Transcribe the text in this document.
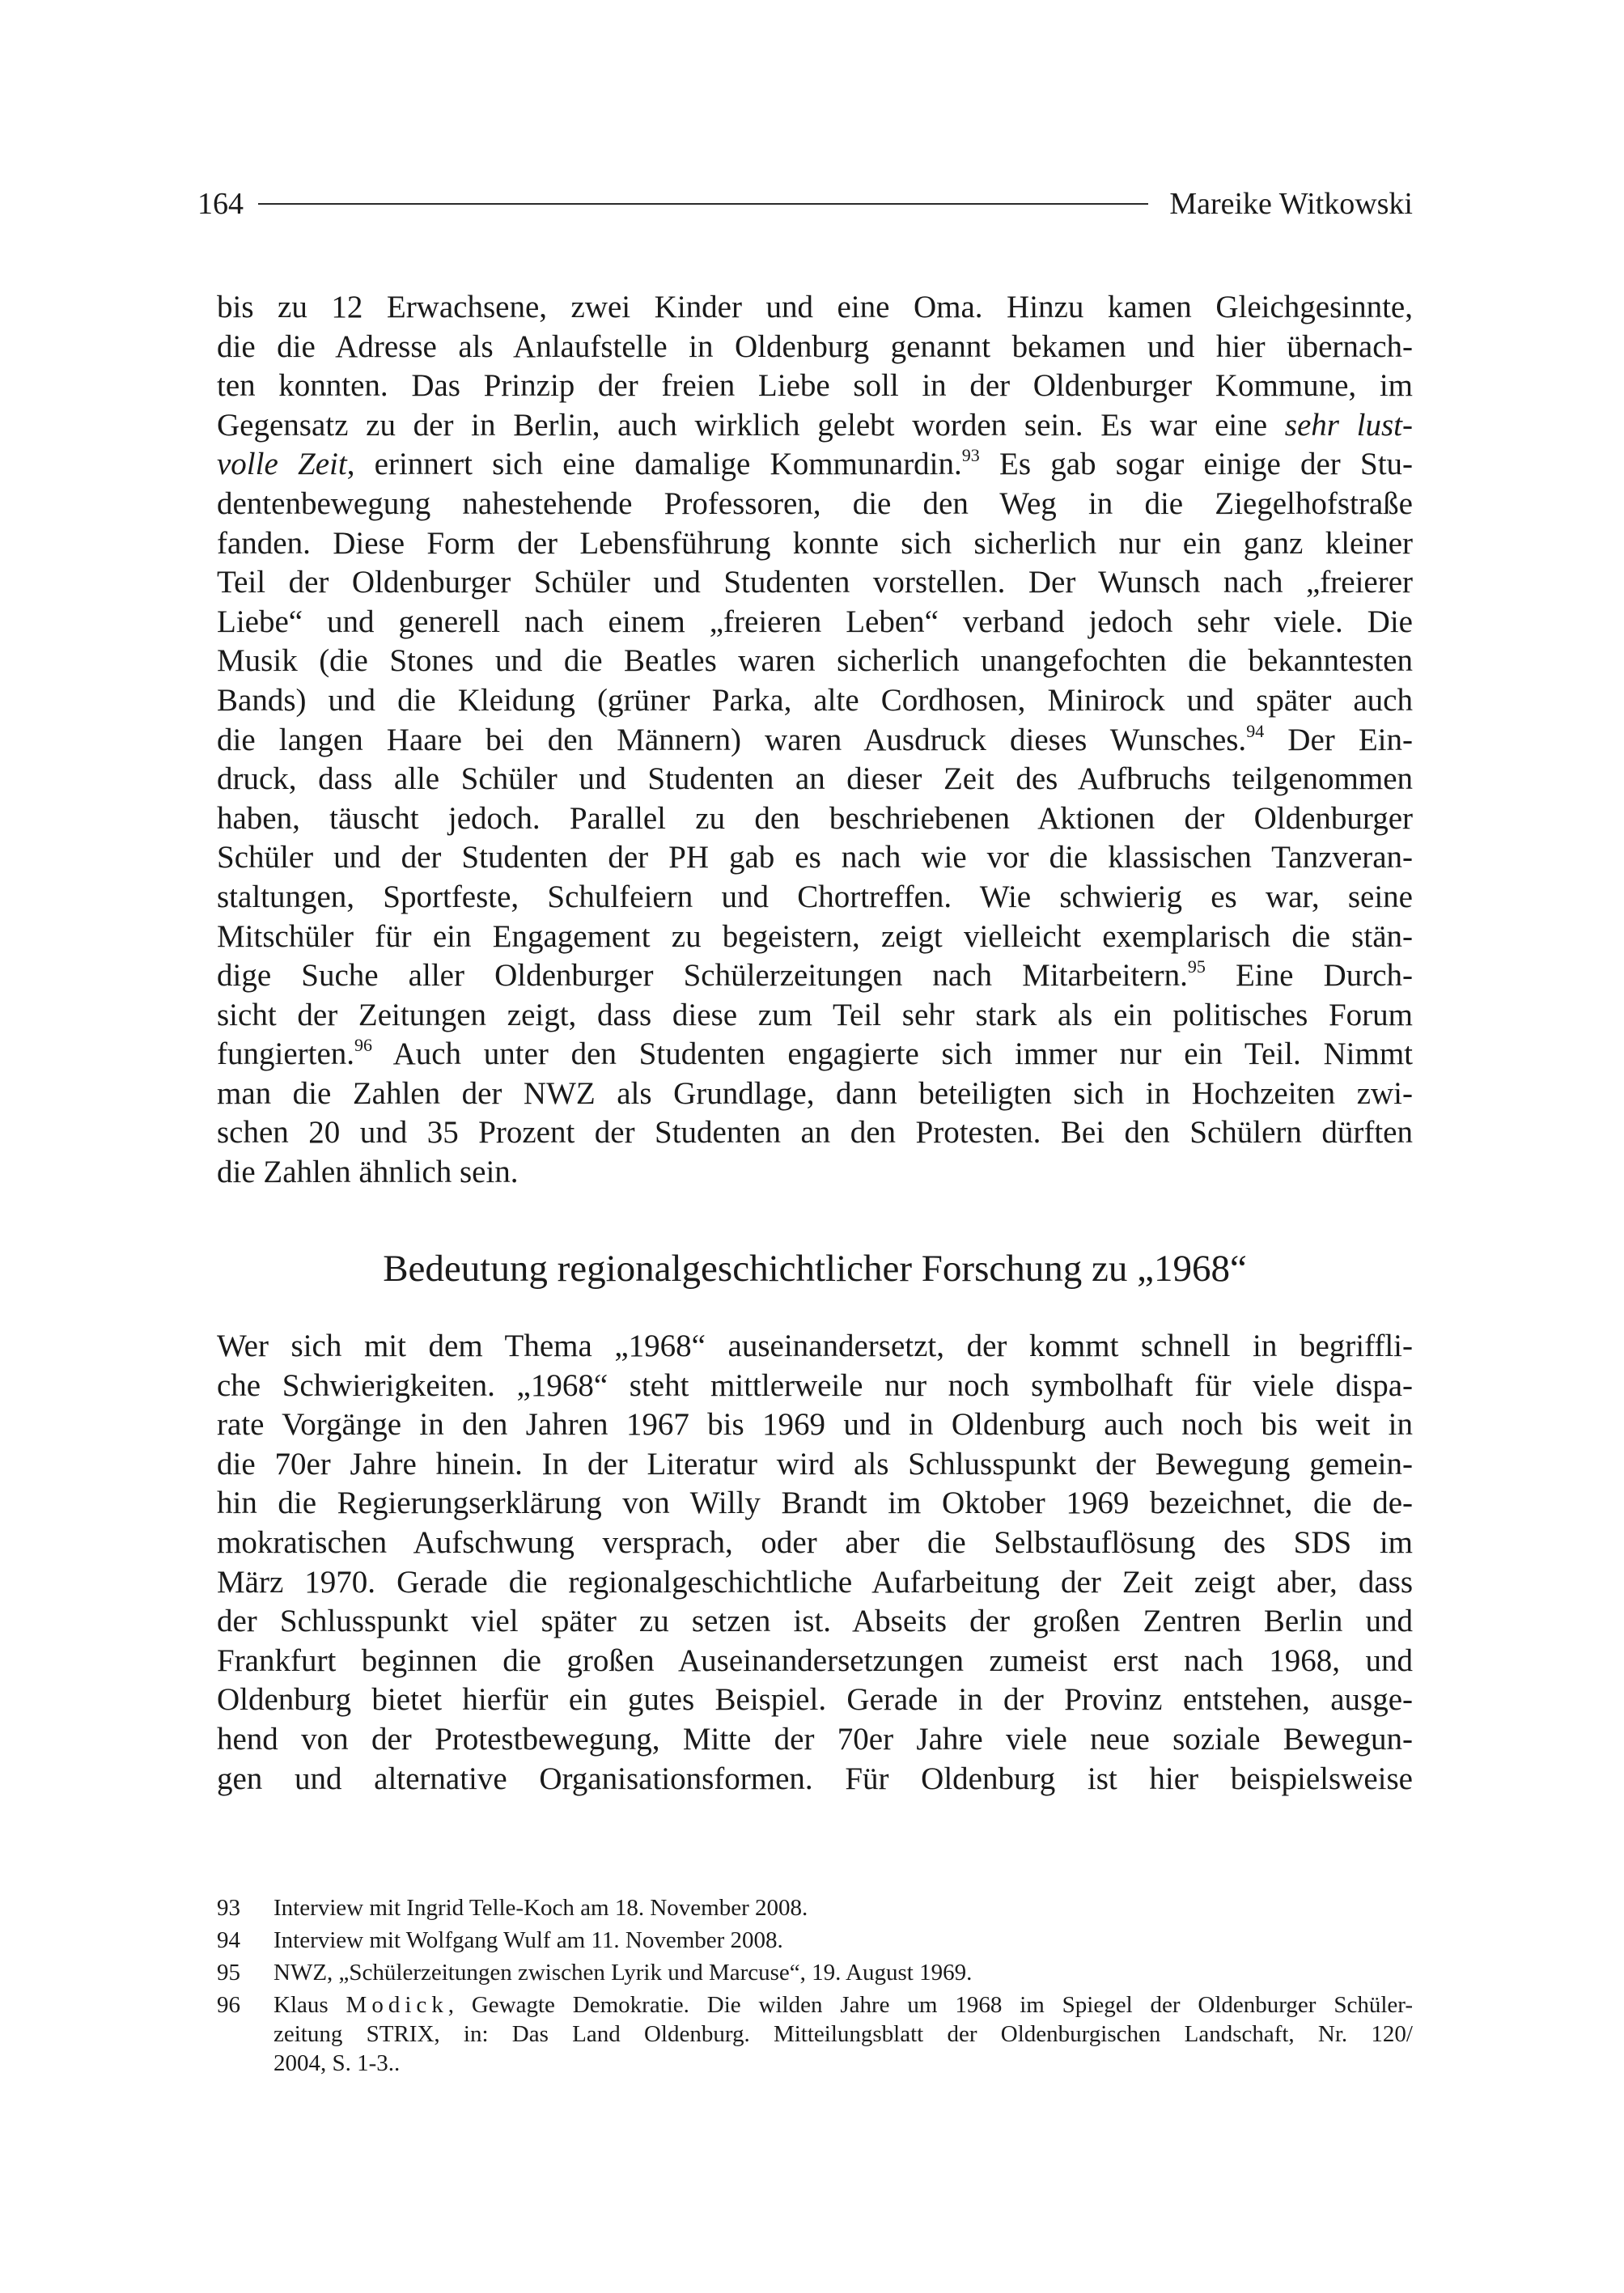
164	Mareike Witkowski
bis zu 12 Erwachsene, zwei Kinder und eine Oma. Hinzu kamen Gleichgesinnte,
die die Adresse als Anlaufstelle in Oldenburg genannt bekamen und hier übernach-
ten konnten. Das Prinzip der freien Liebe soll in der Oldenburger Kommune, im
Gegensatz zu der in Berlin, auch wirklich gelebt worden sein. Es war eine sehr lust-
volle Zeit, erinnert sich eine damalige Kommunardin.$^{93}$ Es gab sogar einige der Stu-
dentenbewegung nahestehende Professoren, die den Weg in die Ziegelhofstraße
fanden. Diese Form der Lebensführung konnte sich sicherlich nur ein ganz kleiner
Teil der Oldenburger Schüler und Studenten vorstellen. Der Wunsch nach „freierer
Liebe“ und generell nach einem „freieren Leben“ verband jedoch sehr viele. Die
Musik (die Stones und die Beatles waren sicherlich unangefochten die bekanntesten
Bands) und die Kleidung (grüner Parka, alte Cordhosen, Minirock und später auch
die langen Haare bei den Männern) waren Ausdruck dieses Wunsches.$^{94}$ Der Ein-
druck, dass alle Schüler und Studenten an dieser Zeit des Aufbruchs teilgenommen
haben, täuscht jedoch. Parallel zu den beschriebenen Aktionen der Oldenburger
Schüler und der Studenten der PH gab es nach wie vor die klassischen Tanzveran-
staltungen, Sportfeste, Schulfeiern und Chortreffen. Wie schwierig es war, seine
Mitschüler für ein Engagement zu begeistern, zeigt vielleicht exemplarisch die stän-
dige Suche aller Oldenburger Schülerzeitungen nach Mitarbeitern.$^{95}$ Eine Durch-
sicht der Zeitungen zeigt, dass diese zum Teil sehr stark als ein politisches Forum
fungierten.$^{96}$ Auch unter den Studenten engagierte sich immer nur ein Teil. Nimmt
man die Zahlen der NWZ als Grundlage, dann beteiligten sich in Hochzeiten zwi-
schen 20 und 35 Prozent der Studenten an den Protesten. Bei den Schülern dürften
die Zahlen ähnlich sein.
Bedeutung regionalgeschichtlicher Forschung zu „1968“
Wer sich mit dem Thema „1968“ auseinandersetzt, der kommt schnell in begriffli-
che Schwierigkeiten. „1968“ steht mittlerweile nur noch symbolhaft für viele dispa-
rate Vorgänge in den Jahren 1967 bis 1969 und in Oldenburg auch noch bis weit in
die 70er Jahre hinein. In der Literatur wird als Schlusspunkt der Bewegung gemein-
hin die Regierungserklärung von Willy Brandt im Oktober 1969 bezeichnet, die de-
mokratischen Aufschwung versprach, oder aber die Selbstauflösung des SDS im
März 1970. Gerade die regionalgeschichtliche Aufarbeitung der Zeit zeigt aber, dass
der Schlusspunkt viel später zu setzen ist. Abseits der großen Zentren Berlin und
Frankfurt beginnen die großen Auseinandersetzungen zumeist erst nach 1968, und
Oldenburg bietet hierfür ein gutes Beispiel. Gerade in der Provinz entstehen, ausge-
hend von der Protestbewegung, Mitte der 70er Jahre viele neue soziale Bewegun-
gen und alternative Organisationsformen. Für Oldenburg ist hier beispielsweise
93	Interview mit Ingrid Telle-Koch am 18. November 2008.
94	Interview mit Wolfgang Wulf am 11. November 2008.
95	NWZ, „Schülerzeitungen zwischen Lyrik und Marcuse“, 19. August 1969.
96	Klaus Modick, Gewagte Demokratie. Die wilden Jahre um 1968 im Spiegel der Oldenburger Schüler-
zeitung STRIX, in: Das Land Oldenburg. Mitteilungsblatt der Oldenburgischen Landschaft, Nr. 120/
2004, S. 1-3..
